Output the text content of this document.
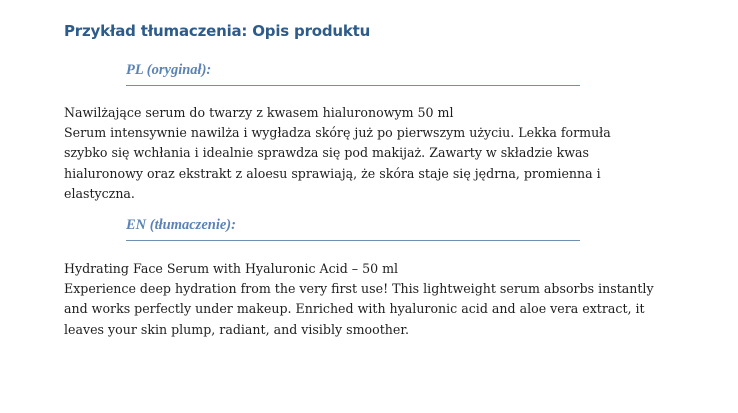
Przykład tłumaczenia: Opis produktu
PL (oryginał):
Nawilżające serum do twarzy z kwasem hialuronowym 50 ml
Serum intensywnie nawilża i wygładza skórę już po pierwszym użyciu. Lekka formuła
szybko się wchłania i idealnie sprawdza się pod makijaż. Zawarty w składzie kwas
hialuronowy oraz ekstrakt z aloesu sprawiają, że skóra staje się jędrna, promienna i
elastyczna.
EN (tłumaczenie):
Hydrating Face Serum with Hyaluronic Acid – 50 ml
Experience deep hydration from the very first use! This lightweight serum absorbs instantly
and works perfectly under makeup. Enriched with hyaluronic acid and aloe vera extract, it
leaves your skin plump, radiant, and visibly smoother.
